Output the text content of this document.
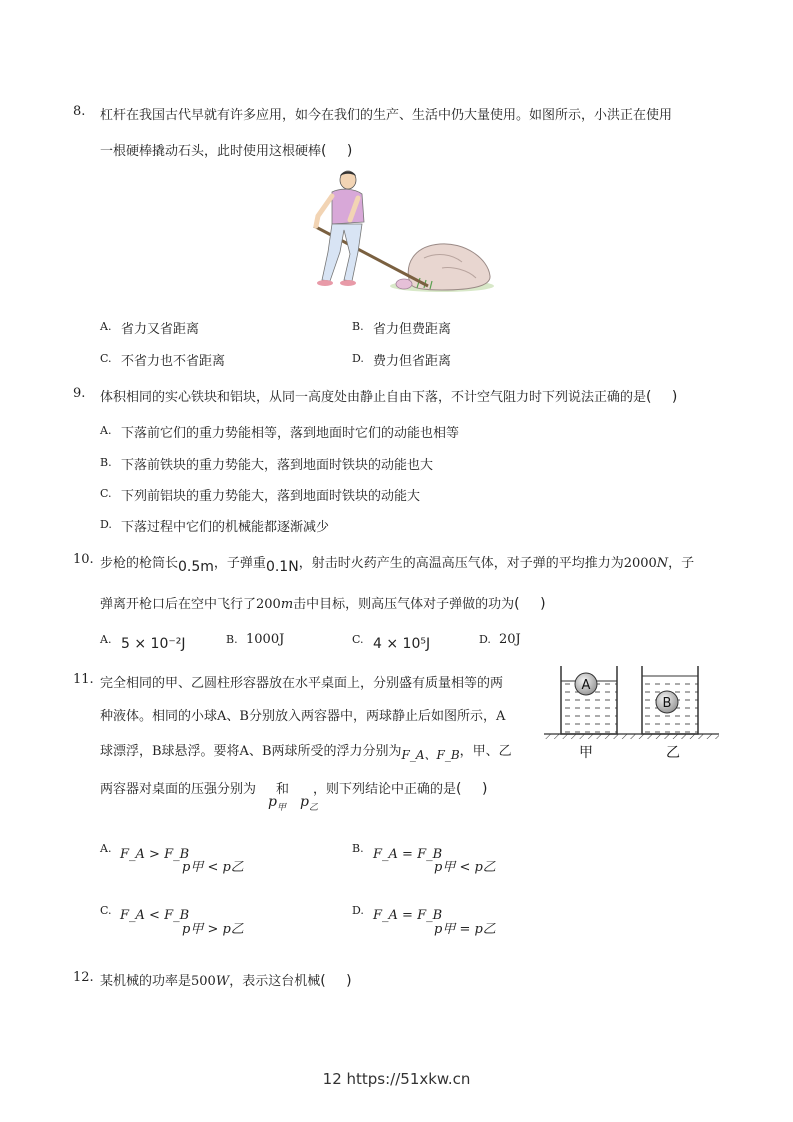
8. 杠杆在我国古代早就有许多应用，如今在我们的生产、生活中仍大量使用。如图所示，小洪正在使用
一根硬棒撬动石头，此时使用这根硬棒( )
A. 省力又省距离	B. 省力但费距离
C. 不省力也不省距离	D. 费力但省距离
9. 体积相同的实心铁块和铝块，从同一高度处由静止自由下落，不计空气阻力时下列说法正确的是( )
A. 下落前它们的重力势能相等，落到地面时它们的动能也相等
B. 下落前铁块的重力势能大，落到地面时铁块的动能也大
C. 下列前铝块的重力势能大，落到地面时铁块的动能大
D. 下落过程中它们的机械能都逐渐减少
10. 步枪的枪筒长0.5m，子弹重0.1N，射击时火药产生的高温高压气体，对子弹的平均推力为2000N，子
弹离开枪口后在空中飞行了200m击中目标，则高压气体对子弹做的功为( )
A. 5 × 10⁻²J	B. 1000J	C. 4 × 10⁵J	D. 20J
11. 完全相同的甲、乙圆柱形容器放在水平桌面上，分别盛有质量相等的两
种液体。相同的小球A、B分别放入两容器中，两球静止后如图所示，A
球漂浮，B球悬浮。要将A、B两球所受的浮力分别为F_A、F_B，甲、乙
两容器对桌面的压强分别为 和 ，则下列结论中正确的是( )
$p_甲$ $p_乙$
A
B
甲	乙
A. F_A > F_B
p甲 < p乙
B. F_A = F_B
p甲 < p乙
C. F_A < F_B
p甲 > p乙
D. F_A = F_B
p甲 = p乙
12. 某机械的功率是500W，表示这台机械( )
12 https://51xkw.cn
